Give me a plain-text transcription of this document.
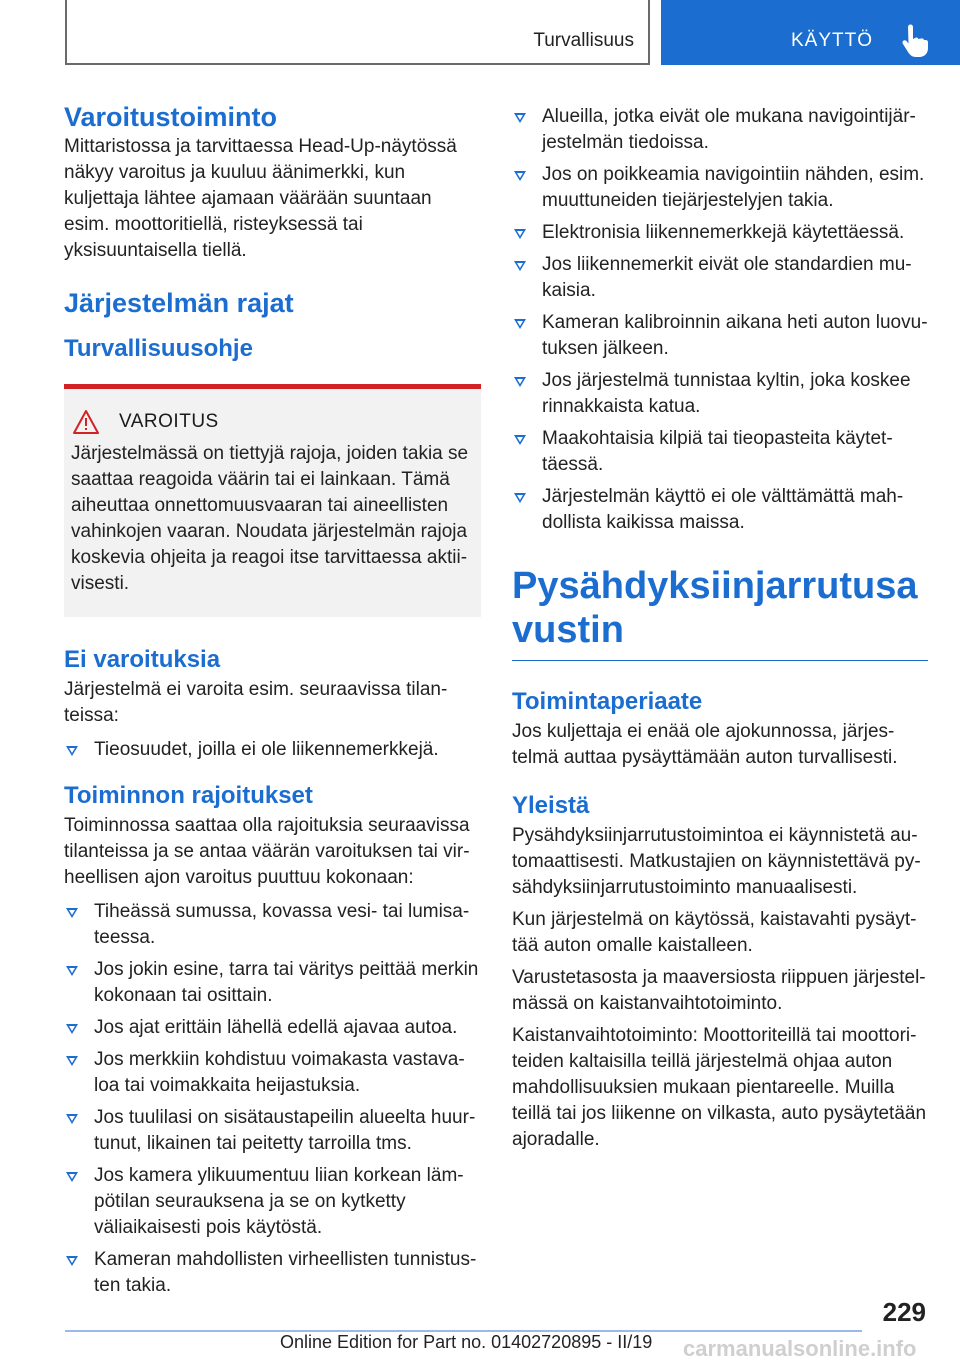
Turvallisuus	KÄYTTÖ
Varoitustoiminto

Mittaristossa ja tarvittaessa Head-Up-näytössä näkyy varoitus ja kuuluu äänimerkki, kun kuljettaja lähtee ajamaan väärään suuntaan esim. moottoritiellä, risteyksessä tai yksisuuntaisella tiellä.

Järjestelmän rajat
Turvallisuusohje
VAROITUS

Järjestelmässä on tiettyjä rajoja, joiden takia se saattaa reagoida väärin tai ei lainkaan. Tämä aiheuttaa onnettomuusvaaran tai aineellisten vahinkojen vaaran. Noudata järjestelmän rajoja koskevia ohjeita ja reagoi itse tarvittaessa aktiivisesti.

Ei varoituksia

Järjestelmä ei varoita esim. seuraavissa tilanteissa:

Tieosuudet, joilla ei ole liikennemerkkejä.
Toiminnon rajoitukset

Toiminnossa saattaa olla rajoituksia seuraavissa tilanteissa ja se antaa väärän varoituksen tai virheellisen ajon varoitus puuttuu kokonaan:

Tiheässä sumussa, kovassa vesi- tai lumisateessa.
Jos jokin esine, tarra tai väritys peittää merkin kokonaan tai osittain.
Jos ajat erittäin lähellä edellä ajavaa autoa.
Jos merkkiin kohdistuu voimakasta vastavaloa tai voimakkaita heijastuksia.
Jos tuulilasi on sisätaustapeilin alueelta huurtunut, likainen tai peitetty tarroilla tms.
Jos kamera ylikuumentuu liian korkean lämpötilan seurauksena ja se on kytketty väliaikaisesti pois käytöstä.
Kameran mahdollisten virheellisten tunnistusten takia.
Alueilla, jotka eivät ole mukana navigointijärjestelmän tiedoissa.
Jos on poikkeamia navigointiin nähden, esim. muuttuneiden tiejärjestelyjen takia.
Elektronisia liikennemerkkejä käytettäessä.
Jos liikennemerkit eivät ole standardien mukaisia.
Kameran kalibroinnin aikana heti auton luovutuksen jälkeen.
Jos järjestelmä tunnistaa kyltin, joka koskee rinnakkaista katua.
Maakohtaisia kilpiä tai tieopasteita käytettäessä.
Järjestelmän käyttö ei ole välttämättä mahdollista kaikissa maissa.
Pysähdyksiinjarrutusavustin
Toimintaperiaate

Jos kuljettaja ei enää ole ajokunnossa, järjestelmä auttaa pysäyttämään auton turvallisesti.

Yleistä

Pysähdyksiinjarrutustoimintoa ei käynnistetä automaattisesti. Matkustajien on käynnistettävä pysähdyksiinjarrutustoiminto manuaalisesti.

Kun järjestelmä on käytössä, kaistavahti pysäyttää auton omalle kaistalleen.

Varustetasosta ja maaversiosta riippuen järjestelmässä on kaistanvaihtotoiminto.

Kaistanvaihtotoiminto: Moottoriteillä tai moottoriteiden kaltaisilla teillä järjestelmä ohjaa auton mahdollisuuksien mukaan pientareelle. Muilla teillä tai jos liikenne on vilkasta, auto pysäytetään ajoradalle.

229
Online Edition for Part no. 01402720895 - II/19 carmanualsonline.info
